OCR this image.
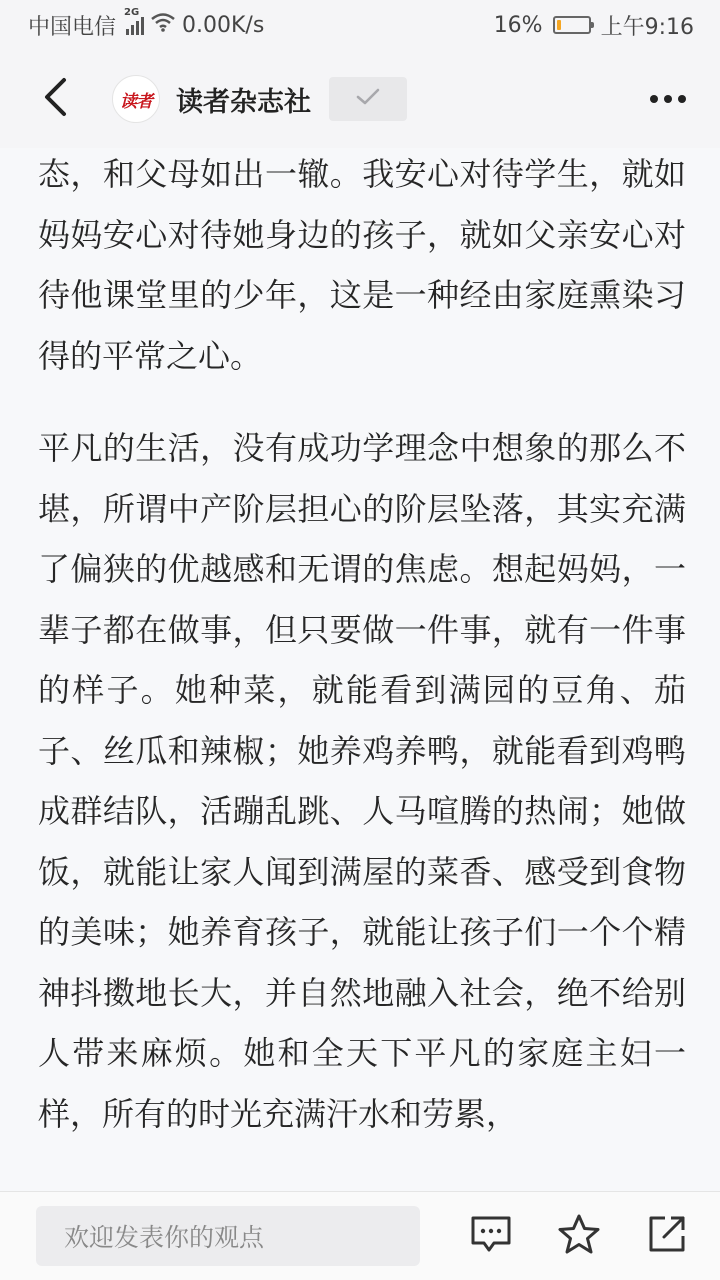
中国电信
2G 0.00K/s	16%	上午9:16
读者 读者杂志社

态，和父母如出一辙。我安心对待学生，就如妈妈安心对待她身边的孩子，就如父亲安心对待他课堂里的少年，这是一种经由家庭熏染习得的平常之心。

平凡的生活，没有成功学理念中想象的那么不堪，所谓中产阶层担心的阶层坠落，其实充满了偏狭的优越感和无谓的焦虑。想起妈妈，一辈子都在做事，但只要做一件事，就有一件事的样子。她种菜，就能看到满园的豆角、茄子、丝瓜和辣椒；她养鸡养鸭，就能看到鸡鸭成群结队，活蹦乱跳、人马喧腾的热闹；她做饭，就能让家人闻到满屋的菜香、感受到食物的美味；她养育孩子，就能让孩子们一个个精神抖擞地长大，并自然地融入社会，绝不给别人带来麻烦。她和全天下平凡的家庭主妇一样，所有的时光充满汗水和劳累，

欢迎发表你的观点
